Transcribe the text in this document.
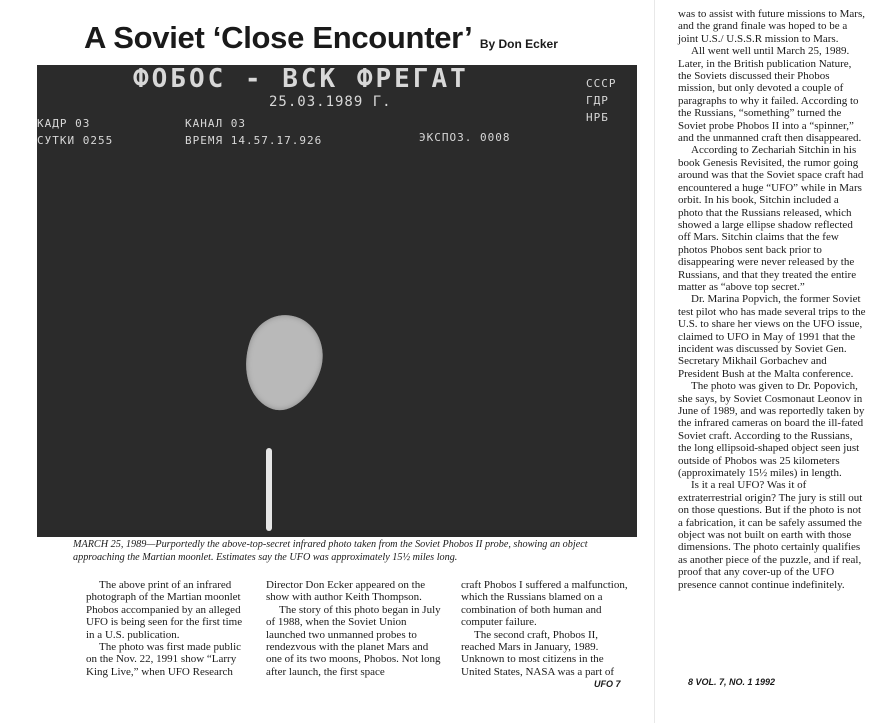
A Soviet ‘Close Encounter’ By Don Ecker
ФОБОС - ВСК ФРЕГАТ
25.03.1989 Г.
СССР
ГДР
НРБ
КАДР 03	КАНАЛ 03
СУТКИ 0255	ВРЕМЯ 14.57.17.926	ЭКСПОЗ. 0008
MARCH 25, 1989—Purportedly the above-top-secret infrared photo taken from the Soviet Phobos II probe, showing an object approaching the Martian moonlet. Estimates say the UFO was approximately 15½ miles long.

The above print of an infrared photograph of the Martian moonlet Phobos accompanied by an alleged UFO is being seen for the first time in a U.S. publication.

The photo was first made public on the Nov. 22, 1991 show “Larry King Live,” when UFO Research

Director Don Ecker appeared on the show with author Keith Thompson.

The story of this photo began in July of 1988, when the Soviet Union launched two unmanned probes to rendezvous with the planet Mars and one of its two moons, Phobos. Not long after launch, the first space

craft Phobos I suffered a malfunction, which the Russians blamed on a combination of both human and computer failure.

The second craft, Phobos II, reached Mars in January, 1989. Unknown to most citizens in the United States, NASA was a part of

was to assist with future missions to Mars, and the grand finale was hoped to be a joint U.S./ U.S.S.R mission to Mars.

All went well until March 25, 1989. Later, in the British publication Nature, the Soviets discussed their Phobos mission, but only devoted a couple of paragraphs to why it failed. According to the Russians, “something” turned the Soviet probe Phobos II into a “spinner,” and the unmanned craft then disappeared.

According to Zechariah Sitchin in his book Genesis Revisited, the rumor going around was that the Soviet space craft had encountered a huge “UFO” while in Mars orbit. In his book, Sitchin included a photo that the Russians released, which showed a large ellipse shadow reflected off Mars. Sitchin claims that the few photos Phobos sent back prior to disappearing were never released by the Russians, and that they treated the entire matter as “above top secret.”

Dr. Marina Popvich, the former Soviet test pilot who has made several trips to the U.S. to share her views on the UFO issue, claimed to UFO in May of 1991 that the incident was discussed by Soviet Gen. Secretary Mikhail Gorbachev and President Bush at the Malta conference.

The photo was given to Dr. Popovich, she says, by Soviet Cosmonaut Leonov in June of 1989, and was reportedly taken by the infrared cameras on board the ill-fated Soviet craft. According to the Russians, the long ellipsoid-shaped object seen just outside of Phobos was 25 kilometers (approximately 15½ miles) in length.

Is it a real UFO? Was it of extraterrestrial origin? The jury is still out on those questions. But if the photo is not a fabrication, it can be safely assumed the object was not built on earth with those dimensions. The photo certainly qualifies as another piece of the puzzle, and if real, proof that any cover-up of the UFO presence cannot continue indefinitely.

UFO 7	8 VOL. 7, NO. 1 1992
